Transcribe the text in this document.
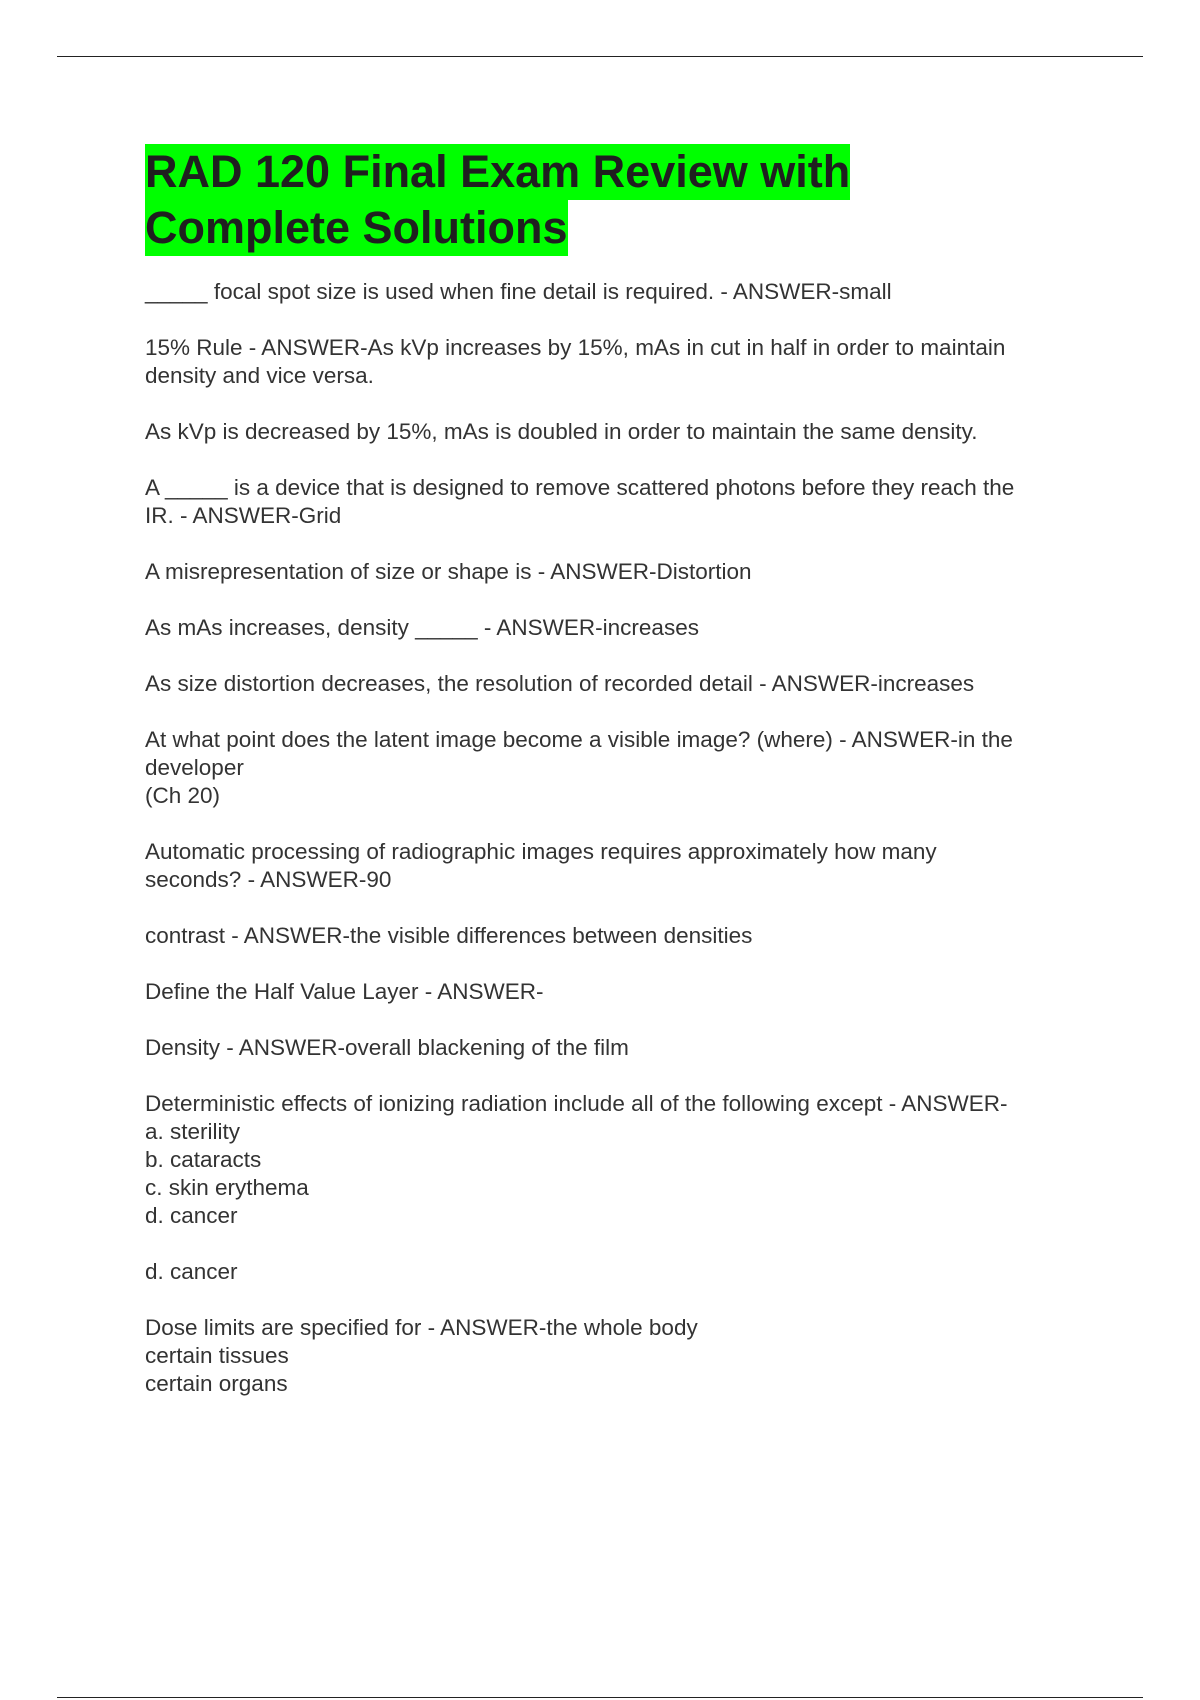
RAD 120 Final Exam Review with
Complete Solutions
_____ focal spot size is used when fine detail is required. - ANSWER-small
15% Rule - ANSWER-As kVp increases by 15%, mAs in cut in half in order to maintain
density and vice versa.
As kVp is decreased by 15%, mAs is doubled in order to maintain the same density.
A _____ is a device that is designed to remove scattered photons before they reach the
IR. - ANSWER-Grid
A misrepresentation of size or shape is - ANSWER-Distortion
As mAs increases, density _____ - ANSWER-increases
As size distortion decreases, the resolution of recorded detail - ANSWER-increases
At what point does the latent image become a visible image? (where) - ANSWER-in the
developer
(Ch 20)
Automatic processing of radiographic images requires approximately how many
seconds? - ANSWER-90
contrast - ANSWER-the visible differences between densities
Define the Half Value Layer - ANSWER-
Density - ANSWER-overall blackening of the film
Deterministic effects of ionizing radiation include all of the following except - ANSWER-
a. sterility
b. cataracts
c. skin erythema
d. cancer
d. cancer
Dose limits are specified for - ANSWER-the whole body
certain tissues
certain organs
